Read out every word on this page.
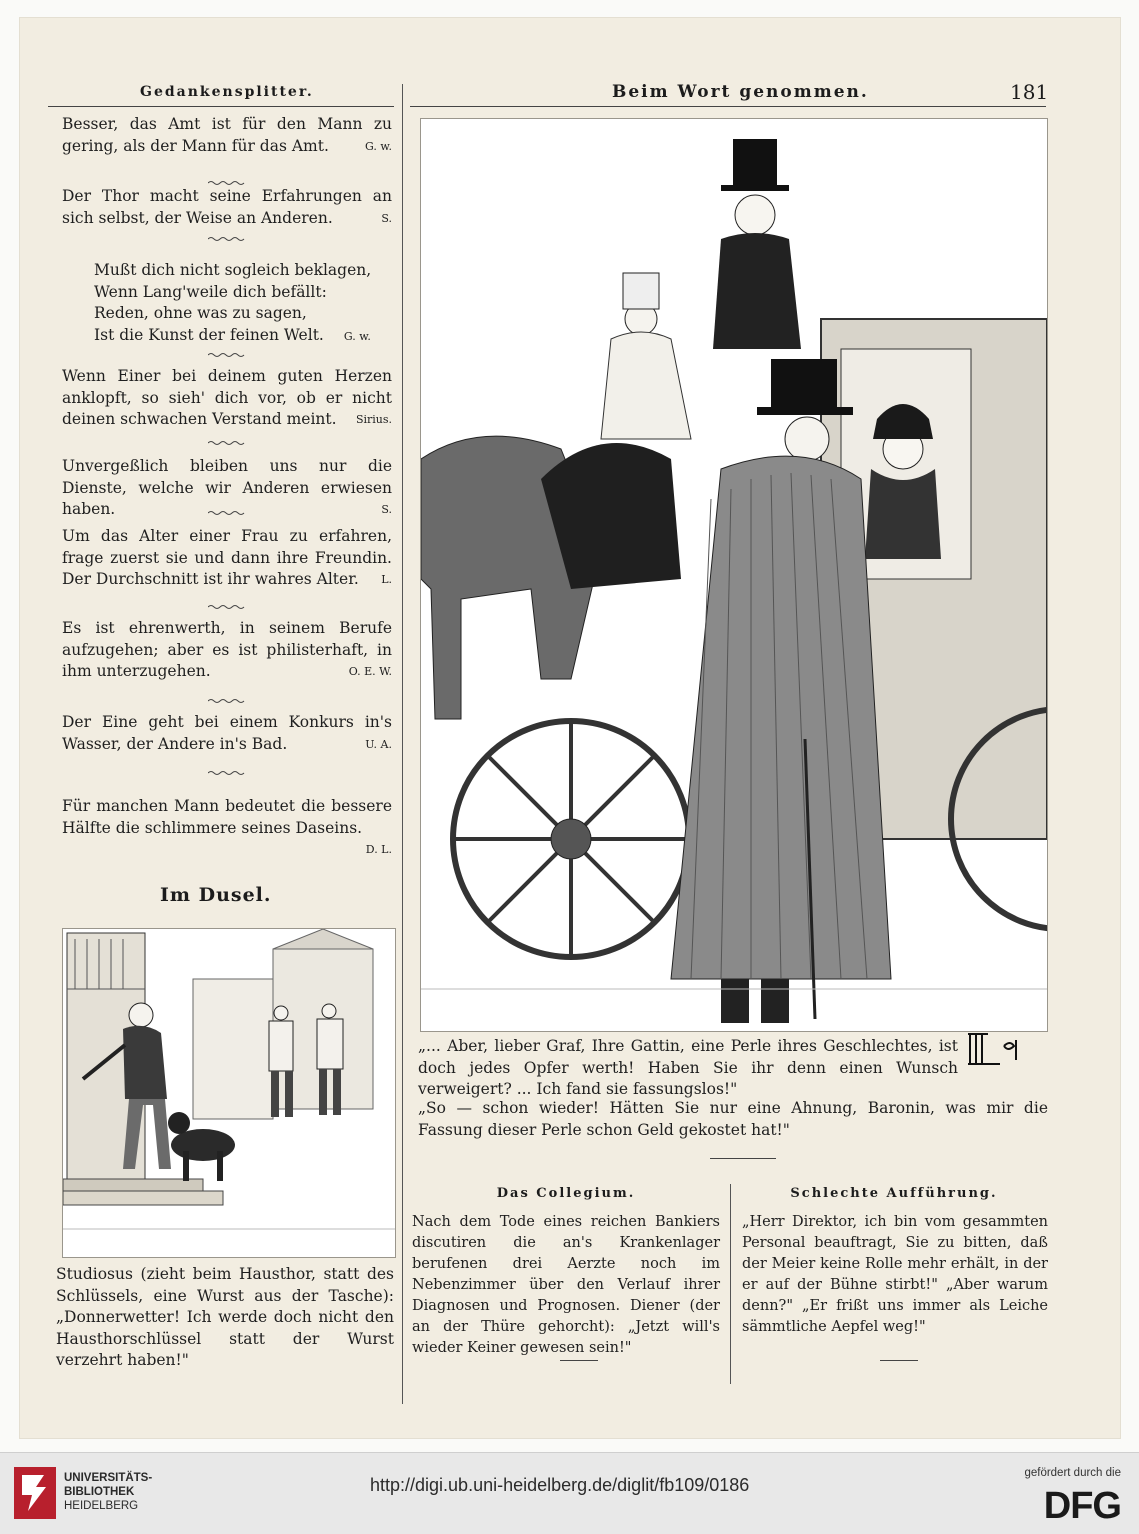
Gedankensplitter.
Besser, das Amt ist für den Mann zu gering, als der Mann für das Amt.	G. w.
Der Thor macht seine Erfahrungen an sich selbst, der Weise an Anderen.	S.
Mußt dich nicht sogleich beklagen,
Wenn Lang'weile dich befällt:
Reden, ohne was zu sagen,
Ist die Kunst der feinen Welt. G. w.
Wenn Einer bei deinem guten Herzen anklopft, so sieh' dich vor, ob er nicht deinen schwachen Verstand meint. Sirius.
Unvergeßlich bleiben uns nur die Dienste, welche wir Anderen erwiesen haben.	S.
Um das Alter einer Frau zu erfahren, frage zuerst sie und dann ihre Freundin. Der Durchschnitt ist ihr wahres Alter. L.
Es ist ehrenwerth, in seinem Berufe aufzugehen; aber es ist philisterhaft, in ihm unterzugehen.	O. E. W.
Der Eine geht bei einem Konkurs in's Wasser, der Andere in's Bad.	U. A.
Für manchen Mann bedeutet die bessere Hälfte die schlimmere seines Daseins.
D. L.
Im Dusel.
Studiosus (zieht beim Hausthor, statt des Schlüssels, eine Wurst aus der Tasche): „Donnerwetter! Ich werde doch nicht den Hausthorschlüssel statt der Wurst verzehrt haben!"
Beim Wort genommen.	181
„... Aber, lieber Graf, Ihre Gattin, eine Perle ihres Geschlechtes, ist doch jedes Opfer werth! Haben Sie ihr denn einen Wunsch verweigert? ... Ich fand sie fassungslos!"
„So — schon wieder! Hätten Sie nur eine Ahnung, Baronin, was mir die Fassung dieser Perle schon Geld gekostet hat!"
Das Collegium.
Nach dem Tode eines reichen Bankiers discutiren die an's Krankenlager berufenen drei Aerzte noch im Nebenzimmer über den Verlauf ihrer Diagnosen und Prognosen. Diener (der an der Thüre gehorcht): „Jetzt will's wieder Keiner gewesen sein!"
Schlechte Aufführung.
„Herr Direktor, ich bin vom gesammten Personal beauftragt, Sie zu bitten, daß der Meier keine Rolle mehr erhält, in der er auf der Bühne stirbt!" „Aber warum denn?" „Er frißt uns immer als Leiche sämmtliche Aepfel weg!"
UNIVERSITÄTS-
BIBLIOTHEK
HEIDELBERG
http://digi.ub.uni-heidelberg.de/diglit/fb109/0186
gefördert durch die
DFG
